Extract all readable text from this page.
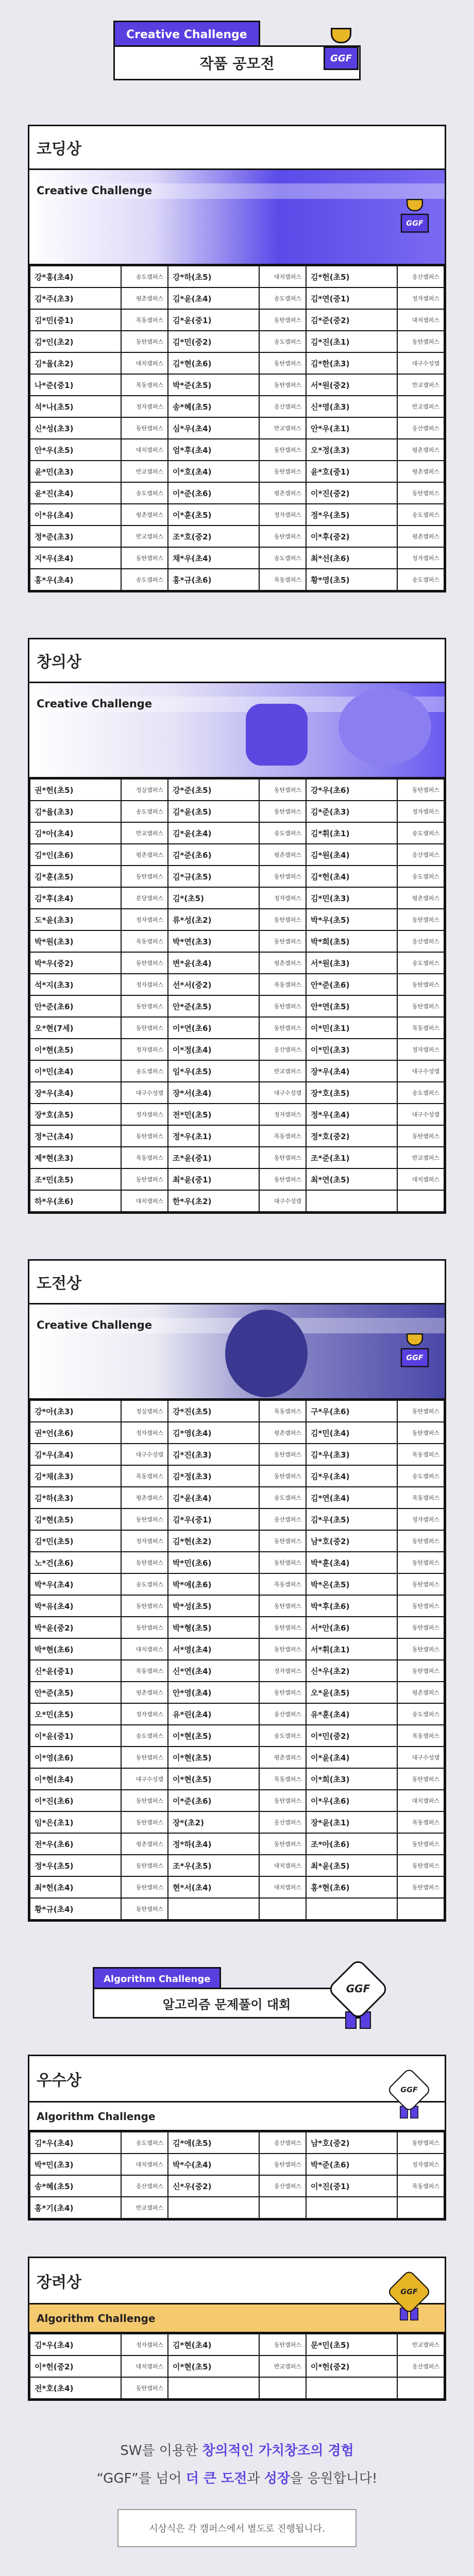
Creative Challenge
작품 공모전	GGF
코딩상
Creative Challenge
GGF
강*홍(초4)	송도캠퍼스	강*하(초5)	대치캠퍼스	김*헌(초5)	옹산캠퍼스
김*주(초3)	평촌캠퍼스	김*윤(초4)	송도캠퍼스	김*연(중1)	정자캠퍼스
김*민(중1)	목동캠퍼스	김*윤(중1)	동탄캠퍼스	김*준(중2)	대치캠퍼스
김*인(초2)	동탄캠퍼스	김*민(중2)	송도캠퍼스	김*진(초1)	동탄캠퍼스
김*율(초2)	대치캠퍼스	김*현(초6)	동탄캠퍼스	김*한(초3)	대구수성캠
나*준(중1)	목동캠퍼스	박*준(초5)	동탄캠퍼스	서*원(중2)	반교캠퍼스
석*나(초5)	정자캠퍼스	송*혜(초5)	옹산캠퍼스	신*영(초3)	반교캠퍼스
신*성(초3)	동탄캠퍼스	심*우(초4)	반교캠퍼스	안*우(초1)	옹산캠퍼스
안*우(초5)	대치캠퍼스	엄*후(초4)	동탄캠퍼스	오*정(초3)	평촌캠퍼스
윤*민(초3)	반교캠퍼스	이*호(초4)	동탄캠퍼스	윤*호(중1)	평촌캠퍼스
윤*진(초4)	송도캠퍼스	이*준(초6)	평촌캠퍼스	이*진(중2)	동탄캠퍼스
이*유(초4)	평촌캠퍼스	이*훈(초5)	정자캠퍼스	정*우(초5)	송도캠퍼스
정*준(초3)	반교캠퍼스	조*호(중2)	동탄캠퍼스	이*후(중2)	평촌캠퍼스
지*우(초4)	동탄캠퍼스	채*우(초4)	송도캠퍼스	최*선(초6)	정자캠퍼스
홍*우(초4)	송도캠퍼스	홍*규(초6)	목동캠퍼스	황*영(초5)	송도캠퍼스
창의상
Creative Challenge
권*헌(초5)	정실캠퍼스	강*준(초5)	동탄캠퍼스	강*우(초6)	동탄캠퍼스
김*율(초3)	송도캠퍼스	김*윤(초5)	동탄캠퍼스	김*준(초3)	정자캠퍼스
김*아(초4)	반교캠퍼스	김*윤(초4)	송도캠퍼스	김*휘(초1)	송도캠퍼스
김*인(초6)	평촌캠퍼스	김*준(초6)	평촌캠퍼스	김*원(초4)	옹산캠퍼스
김*훈(초5)	동탄캠퍼스	김*규(초5)	동탄캠퍼스	김*헌(초4)	송도캠퍼스
김*후(초4)	분당캠퍼스	김*(초5)	정자캠퍼스	김*민(초3)	평촌캠퍼스
도*윤(초3)	정자캠퍼스	류*성(초2)	동탄캠퍼스	박*우(초5)	동탄캠퍼스
박*원(초3)	목동캠퍼스	박*연(초3)	동탄캠퍼스	박*희(초5)	옹산캠퍼스
박*우(중2)	동탄캠퍼스	변*윤(초4)	평촌캠퍼스	서*원(초3)	송도캠퍼스
석*지(초3)	정자캠퍼스	선*서(중2)	목동캠퍼스	안*준(초6)	동탄캠퍼스
안*준(초6)	동탄캠퍼스	안*준(초5)	동탄캠퍼스	안*연(초5)	동탄캠퍼스
오*현(7세)	동탄캠퍼스	이*연(초6)	동탄캠퍼스	이*민(초1)	목동캠퍼스
이*현(초5)	정자캠퍼스	이*정(초4)	옹산캠퍼스	이*민(초3)	정자캠퍼스
이*민(초4)	송도캠퍼스	임*우(초5)	반교캠퍼스	장*우(초4)	대구수성캠
장*우(초4)	대구수성캠	장*서(초4)	대구수성캠	장*호(초5)	송도캠퍼스
장*호(초5)	정자캠퍼스	전*민(초5)	정자캠퍼스	정*우(초4)	대구수성캠
정*근(초4)	동탄캠퍼스	정*우(초1)	목동캠퍼스	정*호(중2)	동탄캠퍼스
제*현(초3)	목동캠퍼스	조*윤(중1)	동탄캠퍼스	조*준(초1)	반교캠퍼스
조*민(초5)	동탄캠퍼스	최*윤(중1)	동탄캠퍼스	최*연(초5)	대치캠퍼스
하*우(초6)	대치캠퍼스	한*우(초2)	대구수성캠		
도전상
Creative Challenge
GGF
강*아(초3)	정실캠퍼스	강*진(초5)	목동캠퍼스	구*우(초6)	동탄캠퍼스
권*언(초6)	정자캠퍼스	김*영(초4)	평촌캠퍼스	김*민(초4)	동탄캠퍼스
김*우(초4)	대구수성캠	김*진(초3)	동탄캠퍼스	김*우(초3)	목동캠퍼스
김*채(초3)	목동캠퍼스	김*정(초3)	동탄캠퍼스	김*우(초4)	송도캠퍼스
김*하(초3)	평촌캠퍼스	김*윤(초4)	송도캠퍼스	김*연(초4)	목동캠퍼스
김*현(초5)	동탄캠퍼스	김*우(중1)	옹산캠퍼스	김*우(초5)	정자캠퍼스
김*민(초5)	정자캠퍼스	김*헌(초2)	동탄캠퍼스	남*호(중2)	동탄캠퍼스
노*건(초6)	동탄캠퍼스	박*민(초6)	동탄캠퍼스	박*훈(초4)	동탄캠퍼스
박*우(초4)	송도캠퍼스	박*예(초6)	목동캠퍼스	박*온(초5)	동탄캠퍼스
박*유(초4)	동탄캠퍼스	박*성(초5)	동탄캠퍼스	박*후(초6)	동탄캠퍼스
박*윤(중2)	동탄캠퍼스	박*형(초5)	동탄캠퍼스	서*안(초6)	동탄캠퍼스
박*현(초6)	대치캠퍼스	서*영(초4)	동탄캠퍼스	서*휘(초1)	동탄캠퍼스
신*윤(중1)	목동캠퍼스	신*연(초4)	정자캠퍼스	신*우(초2)	동탄캠퍼스
안*준(초5)	평촌캠퍼스	안*영(초4)	동탄캠퍼스	오*윤(초5)	평촌캠퍼스
오*민(초5)	정자캠퍼스	유*린(초4)	옹산캠퍼스	유*훈(초4)	송도캠퍼스
이*윤(중1)	송도캠퍼스	이*현(초5)	송도캠퍼스	이*민(중2)	목동캠퍼스
이*영(초6)	동탄캠퍼스	이*현(초5)	평촌캠퍼스	이*윤(초4)	대구수성캠
이*현(초4)	대구수성캠	이*현(초5)	목동캠퍼스	이*희(초3)	동탄캠퍼스
이*진(초6)	동탄캠퍼스	이*준(초6)	동탄캠퍼스	이*우(초6)	대치캠퍼스
임*은(초1)	동탄캠퍼스	장*(초2)	옹산캠퍼스	장*윤(초1)	목동캠퍼스
전*우(초6)	평촌캠퍼스	정*하(초4)	동탄캠퍼스	조*아(초6)	동탄캠퍼스
정*우(초5)	동탄캠퍼스	조*우(초5)	대치캠퍼스	최*윤(초5)	동탄캠퍼스
최*헌(초4)	동탄캠퍼스	현*서(초4)	대치캠퍼스	홍*현(초6)	동탄캠퍼스
황*규(초4)	동탄캠퍼스				
Algorithm Challenge
알고리즘 문제풀이 대회
GGF
우수상
Algorithm Challenge
GGF
김*우(초4)	송도캠퍼스	김*에(초5)	옹산캠퍼스	남*호(중2)	동탄캠퍼스
박*민(초3)	대치캠퍼스	박*수(초4)	동탄캠퍼스	박*준(초6)	정자캠퍼스
송*혜(초5)	옹산캠퍼스	신*우(중2)	옹산캠퍼스	이*진(중1)	목동캠퍼스
홍*기(초4)	반교캠퍼스				
장려상
Algorithm Challenge
GGF
김*우(초4)	정자캠퍼스	김*현(초4)	동탄캠퍼스	문*민(초5)	반교캠퍼스
이*헌(중2)	대치캠퍼스	이*현(초5)	반교캠퍼스	이*헌(중2)	옹산캠퍼스
전*호(초4)	동탄캠퍼스				
SW를 이용한 창의적인 가치창조의 경험
“GGF”를 넘어 더 큰 도전과 성장을 응원합니다!
시상식은 각 캠퍼스에서 별도로 진행됩니다.
